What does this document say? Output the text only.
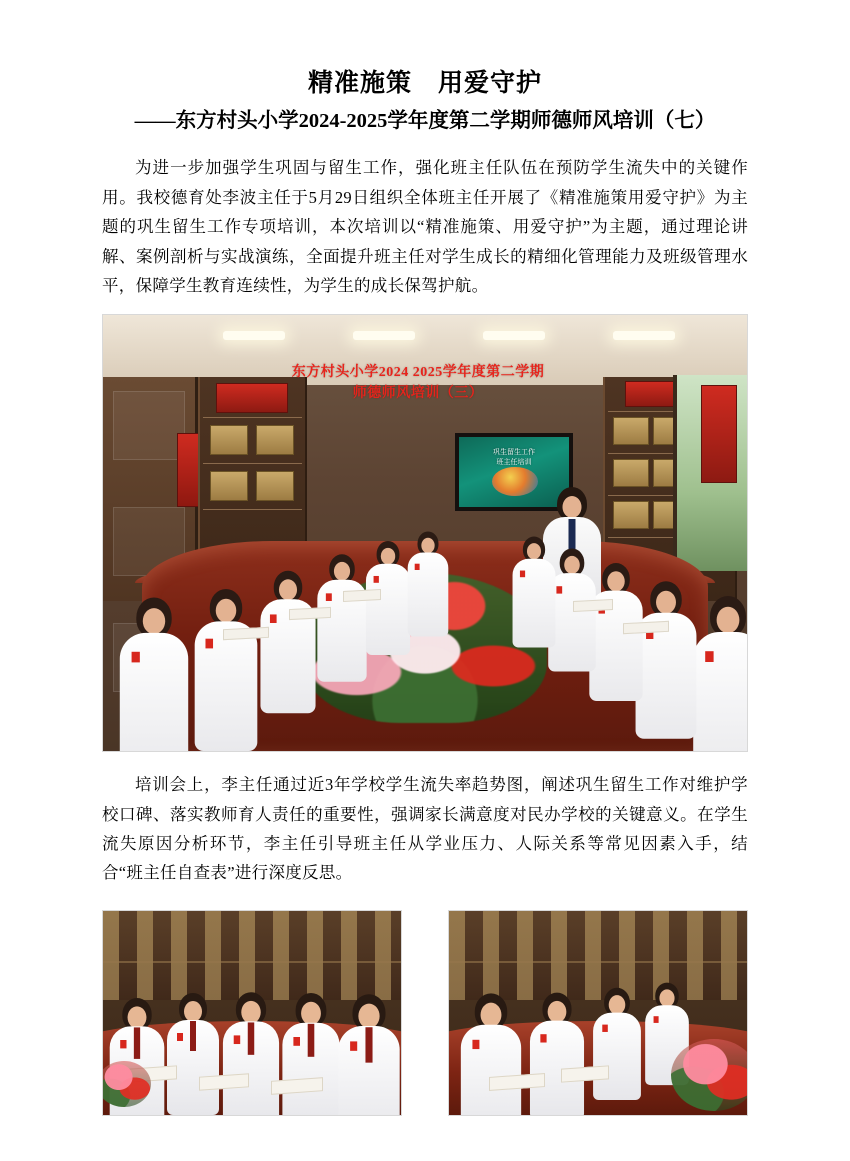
精准施策　用爱守护
——东方村头小学2024-2025学年度第二学期师德师风培训（七）

为进一步加强学生巩固与留生工作，强化班主任队伍在预防学生流失中的关键作用。我校德育处李波主任于5月29日组织全体班主任开展了《精准施策用爱守护》为主题的巩生留生工作专项培训，本次培训以“精准施策、用爱守护”为主题，通过理论讲解、案例剖析与实战演练，全面提升班主任对学生成长的精细化管理能力及班级管理水平，保障学生教育连续性，为学生的成长保驾护航。

巩生留生工作
班主任培训
东方村头小学2024 2025学年度第二学期
师德师风培训（三）

培训会上，李主任通过近3年学校学生流失率趋势图，阐述巩生留生工作对维护学校口碑、落实教师育人责任的重要性，强调家长满意度对民办学校的关键意义。在学生流失原因分析环节，李主任引导班主任从学业压力、人际关系等常见因素入手，结合“班主任自查表”进行深度反思。
